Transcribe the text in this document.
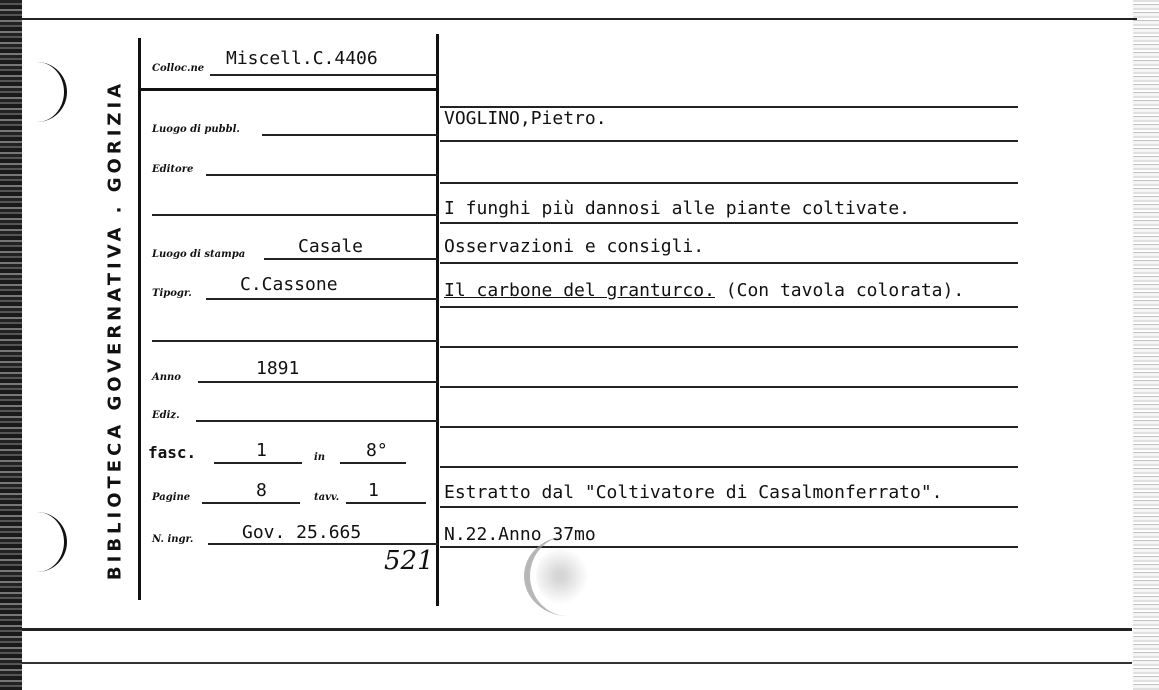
BIBLIOTECA GOVERNATIVA . GORIZIA
Colloc.ne Miscell.C.4406
Luogo di pubbl.
Editore
Luogo di stampa	Casale
Tipogr.	C.Cassone
Anno	1891
Ediz.
fasc.	1	in 8°
Pagine	8	tavv. 1
N. ingr.	Gov. 25.665
521
VOGLINO,Pietro.
I funghi più dannosi alle piante coltivate.
Osservazioni e consigli.
Il carbone del granturco. (Con tavola colorata).
Estratto dal "Coltivatore di Casalmonferrato".
N.22.Anno 37mo
